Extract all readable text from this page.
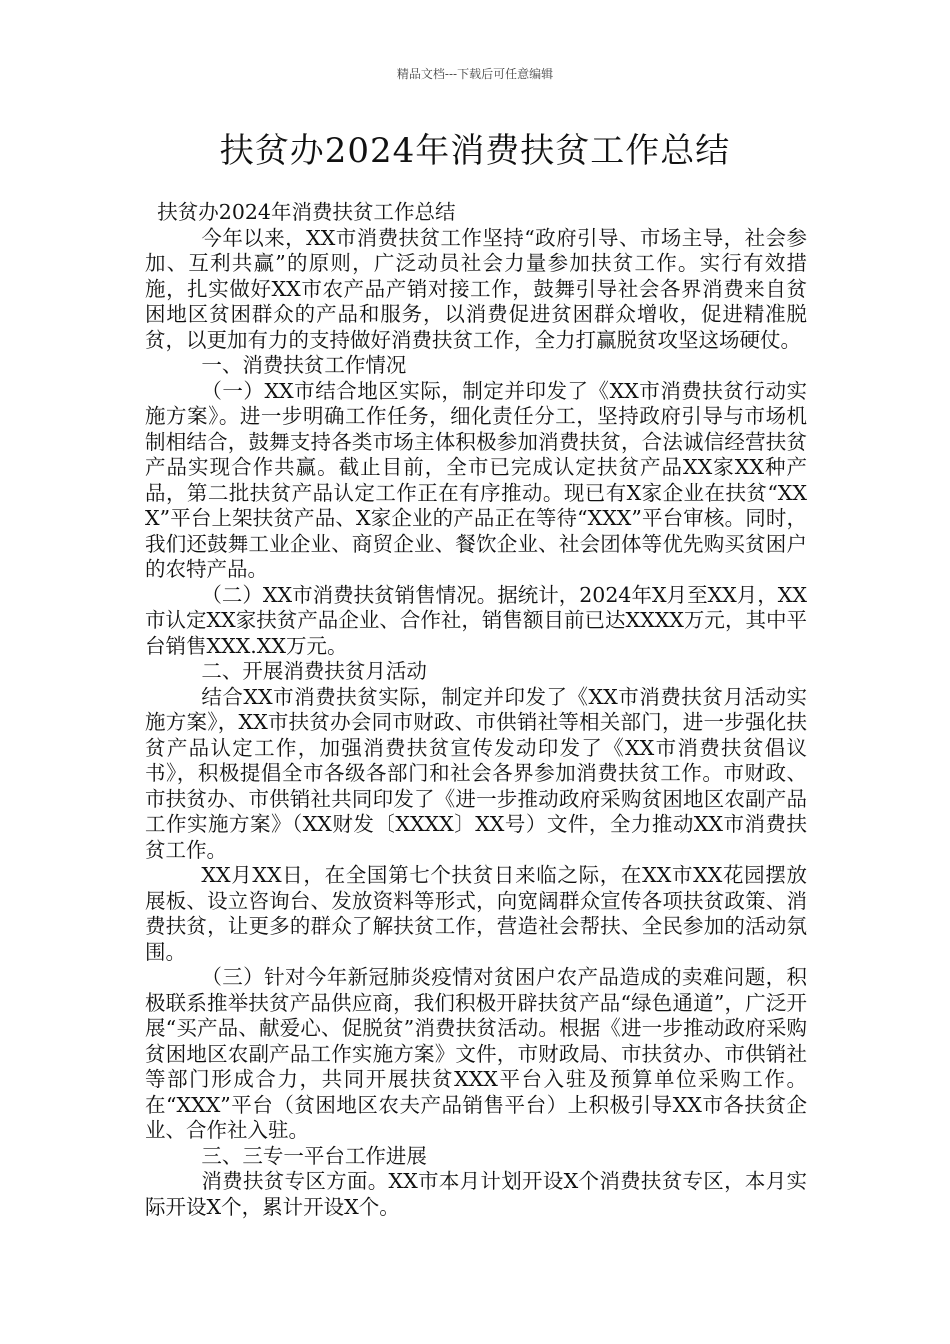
精品文档---下载后可任意编辑
扶贫办2024年消费扶贫工作总结

扶贫办2024年消费扶贫工作总结

今年以来，XX市消费扶贫工作坚持“政府引导、市场主导，社会参加、互利共赢”的原则，广泛动员社会力量参加扶贫工作。实行有效措施，扎实做好XX市农产品产销对接工作，鼓舞引导社会各界消费来自贫困地区贫困群众的产品和服务，以消费促进贫困群众增收，促进精准脱贫，以更加有力的支持做好消费扶贫工作，全力打赢脱贫攻坚这场硬仗。

一、消费扶贫工作情况

（一）XX市结合地区实际，制定并印发了《XX市消费扶贫行动实施方案》。进一步明确工作任务，细化责任分工，坚持政府引导与市场机制相结合，鼓舞支持各类市场主体积极参加消费扶贫，合法诚信经营扶贫产品实现合作共赢。截止目前，全市已完成认定扶贫产品XX家XX种产品，第二批扶贫产品认定工作正在有序推动。现已有X家企业在扶贫“XXX”平台上架扶贫产品、X家企业的产品正在等待“XXX”平台审核。同时，我们还鼓舞工业企业、商贸企业、餐饮企业、社会团体等优先购买贫困户的农特产品。

（二）XX市消费扶贫销售情况。据统计，2024年X月至XX月，XX市认定XX家扶贫产品企业、合作社，销售额目前已达XXXX万元，其中平台销售XXX.XX万元。

二、开展消费扶贫月活动

结合XX市消费扶贫实际，制定并印发了《XX市消费扶贫月活动实施方案》，XX市扶贫办会同市财政、市供销社等相关部门，进一步强化扶贫产品认定工作，加强消费扶贫宣传发动印发了《XX市消费扶贫倡议书》，积极提倡全市各级各部门和社会各界参加消费扶贫工作。市财政、市扶贫办、市供销社共同印发了《进一步推动政府采购贫困地区农副产品工作实施方案》（XX财发〔XXXX〕XX号）文件，全力推动XX市消费扶贫工作。

XX月XX日，在全国第七个扶贫日来临之际，在XX市XX花园摆放展板、设立咨询台、发放资料等形式，向宽阔群众宣传各项扶贫政策、消费扶贫，让更多的群众了解扶贫工作，营造社会帮扶、全民参加的活动氛围。

（三）针对今年新冠肺炎疫情对贫困户农产品造成的卖难问题，积极联系推举扶贫产品供应商，我们积极开辟扶贫产品“绿色通道”，广泛开展“买产品、献爱心、促脱贫”消费扶贫活动。根据《进一步推动政府采购贫困地区农副产品工作实施方案》文件，市财政局、市扶贫办、市供销社等部门形成合力，共同开展扶贫XXX平台入驻及预算单位采购工作。在“XXX”平台（贫困地区农夫产品销售平台）上积极引导XX市各扶贫企业、合作社入驻。

三、三专一平台工作进展

消费扶贫专区方面。XX市本月计划开设X个消费扶贫专区，本月实际开设X个，累计开设X个。
